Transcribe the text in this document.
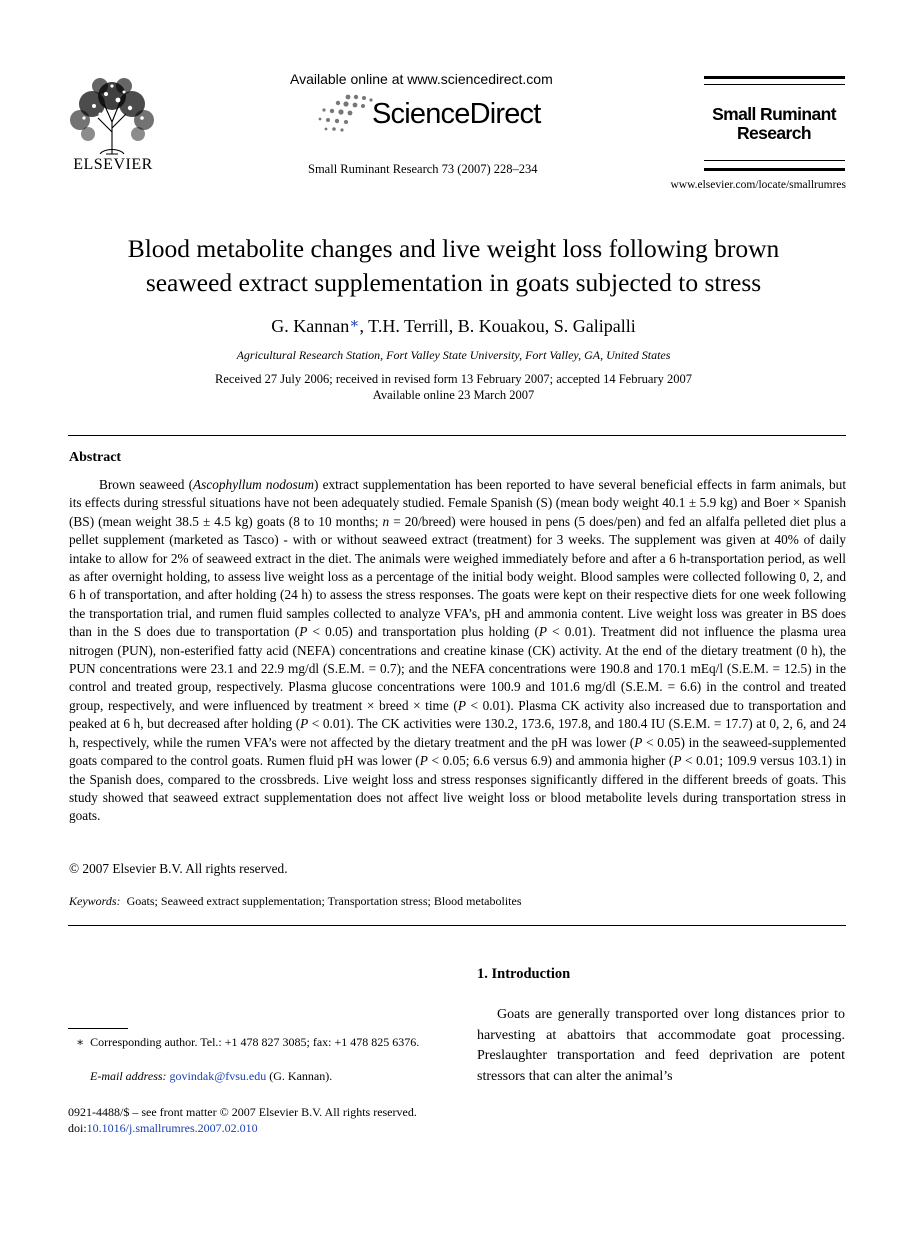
ELSEVIER
Available online at www.sciencedirect.com
ScienceDirect
Small Ruminant Research 73 (2007) 228–234
Small Ruminant
Research
www.elsevier.com/locate/smallrumres
Blood metabolite changes and live weight loss following brown
seaweed extract supplementation in goats subjected to stress
G. Kannan∗, T.H. Terrill, B. Kouakou, S. Galipalli
Agricultural Research Station, Fort Valley State University, Fort Valley, GA, United States
Received 27 July 2006; received in revised form 13 February 2007; accepted 14 February 2007
Available online 23 March 2007
Abstract

Brown seaweed (Ascophyllum nodosum) extract supplementation has been reported to have several beneficial effects in farm animals, but its effects during stressful situations have not been adequately studied. Female Spanish (S) (mean body weight 40.1 ± 5.9 kg) and Boer × Spanish (BS) (mean weight 38.5 ± 4.5 kg) goats (8 to 10 months; n = 20/breed) were housed in pens (5 does/pen) and fed an alfalfa pelleted diet plus a pellet supplement (marketed as Tasco) - with or without seaweed extract (treatment) for 3 weeks. The supplement was given at 40% of daily intake to allow for 2% of seaweed extract in the diet. The animals were weighed immediately before and after a 6 h-transportation period, as well as after overnight holding, to assess live weight loss as a percentage of the initial body weight. Blood samples were collected following 0, 2, and 6 h of transportation, and after holding (24 h) to assess the stress responses. The goats were kept on their respective diets for one week following the transportation trial, and rumen fluid samples collected to analyze VFA’s, pH and ammonia content. Live weight loss was greater in BS does than in the S does due to transportation (P < 0.05) and transportation plus holding (P < 0.01). Treatment did not influence the plasma urea nitrogen (PUN), non-esterified fatty acid (NEFA) concentrations and creatine kinase (CK) activity. At the end of the dietary treatment (0 h), the PUN concentrations were 23.1 and 22.9 mg/dl (S.E.M. = 0.7); and the NEFA concentrations were 190.8 and 170.1 mEq/l (S.E.M. = 12.5) in the control and treated group, respectively. Plasma glucose concentrations were 100.9 and 101.6 mg/dl (S.E.M. = 6.6) in the control and treated group, respectively, and were influenced by treatment × breed × time (P < 0.01). Plasma CK activity also increased due to transportation and peaked at 6 h, but decreased after holding (P < 0.01). The CK activities were 130.2, 173.6, 197.8, and 180.4 IU (S.E.M. = 17.7) at 0, 2, 6, and 24 h, respectively, while the rumen VFA’s were not affected by the dietary treatment and the pH was lower (P < 0.05) in the seaweed-supplemented goats compared to the control goats. Rumen fluid pH was lower (P < 0.05; 6.6 versus 6.9) and ammonia higher (P < 0.01; 109.9 versus 103.1) in the Spanish does, compared to the crossbreds. Live weight loss and stress responses significantly differed in the different breeds of goats. This study showed that seaweed extract supplementation does not affect live weight loss or blood metabolite levels during transportation stress in goats.

© 2007 Elsevier B.V. All rights reserved.
Keywords: Goats; Seaweed extract supplementation; Transportation stress; Blood metabolites
1. Introduction

Goats are generally transported over long distances prior to harvesting at abattoirs that accommodate goat processing. Preslaughter transportation and feed deprivation are potent stressors that can alter the animal’s

∗ Corresponding author. Tel.: +1 478 827 3085; fax: +1 478 825 6376.

E-mail address: govindak@fvsu.edu (G. Kannan).
0921-4488/$ – see front matter © 2007 Elsevier B.V. All rights reserved.
doi:10.1016/j.smallrumres.2007.02.010
